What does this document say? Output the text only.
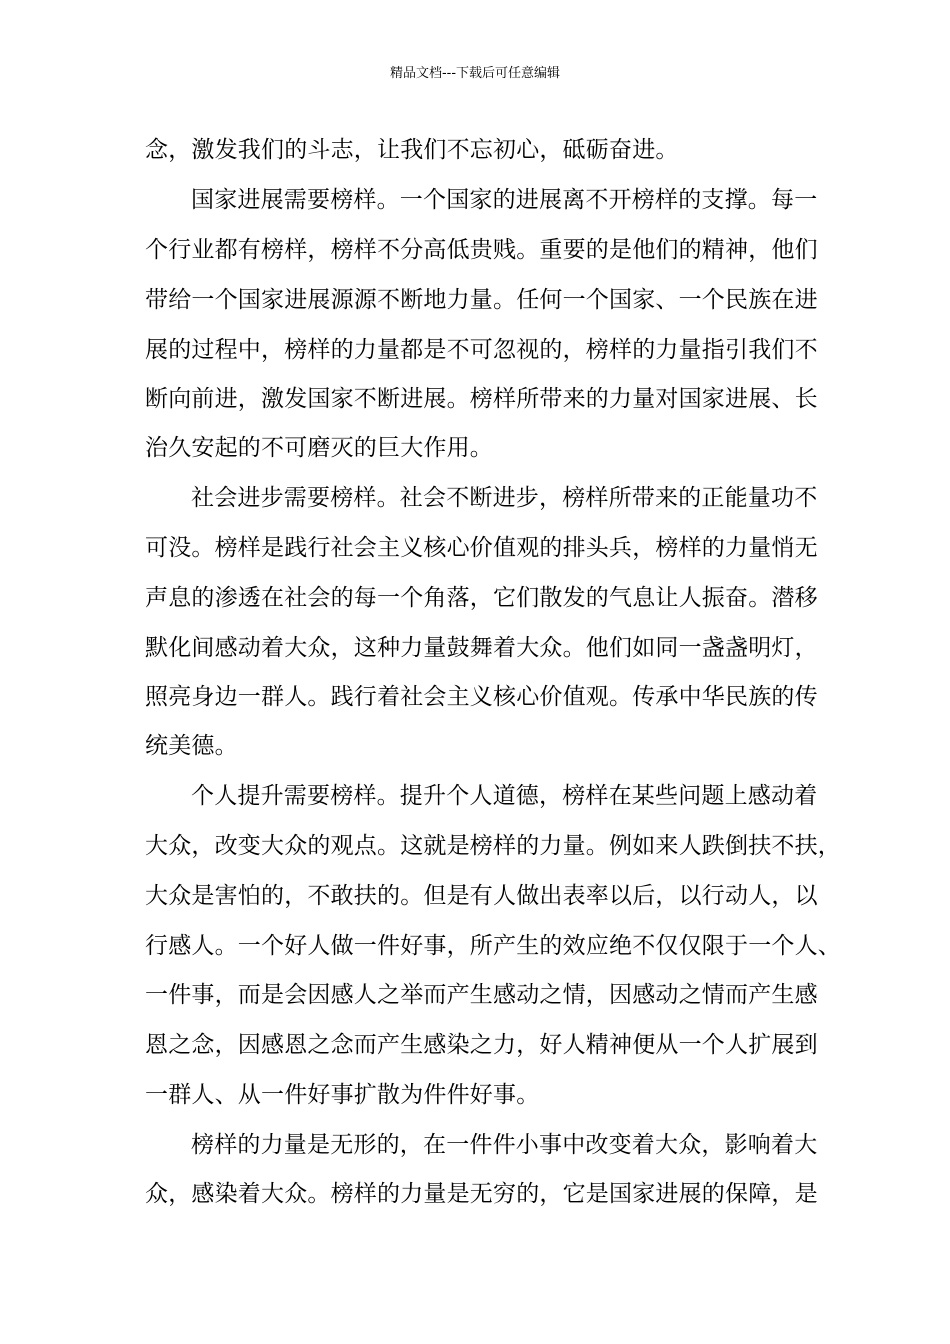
精品文档---下载后可任意编辑
念，激发我们的斗志，让我们不忘初心，砥砺奋进。
国家进展需要榜样。一个国家的进展离不开榜样的支撑。每一
个行业都有榜样，榜样不分高低贵贱。重要的是他们的精神，他们
带给一个国家进展源源不断地力量。任何一个国家、一个民族在进
展的过程中，榜样的力量都是不可忽视的，榜样的力量指引我们不
断向前进，激发国家不断进展。榜样所带来的力量对国家进展、长
治久安起的不可磨灭的巨大作用。
社会进步需要榜样。社会不断进步，榜样所带来的正能量功不
可没。榜样是践行社会主义核心价值观的排头兵，榜样的力量悄无
声息的渗透在社会的每一个角落，它们散发的气息让人振奋。潜移
默化间感动着大众，这种力量鼓舞着大众。他们如同一盏盏明灯，
照亮身边一群人。践行着社会主义核心价值观。传承中华民族的传
统美德。
个人提升需要榜样。提升个人道德，榜样在某些问题上感动着
大众，改变大众的观点。这就是榜样的力量。例如来人跌倒扶不扶，
大众是害怕的，不敢扶的。但是有人做出表率以后，以行动人，以
行感人。一个好人做一件好事，所产生的效应绝不仅仅限于一个人、
一件事，而是会因感人之举而产生感动之情，因感动之情而产生感
恩之念，因感恩之念而产生感染之力，好人精神便从一个人扩展到
一群人、从一件好事扩散为件件好事。
榜样的力量是无形的，在一件件小事中改变着大众，影响着大
众，感染着大众。榜样的力量是无穷的，它是国家进展的保障，是
